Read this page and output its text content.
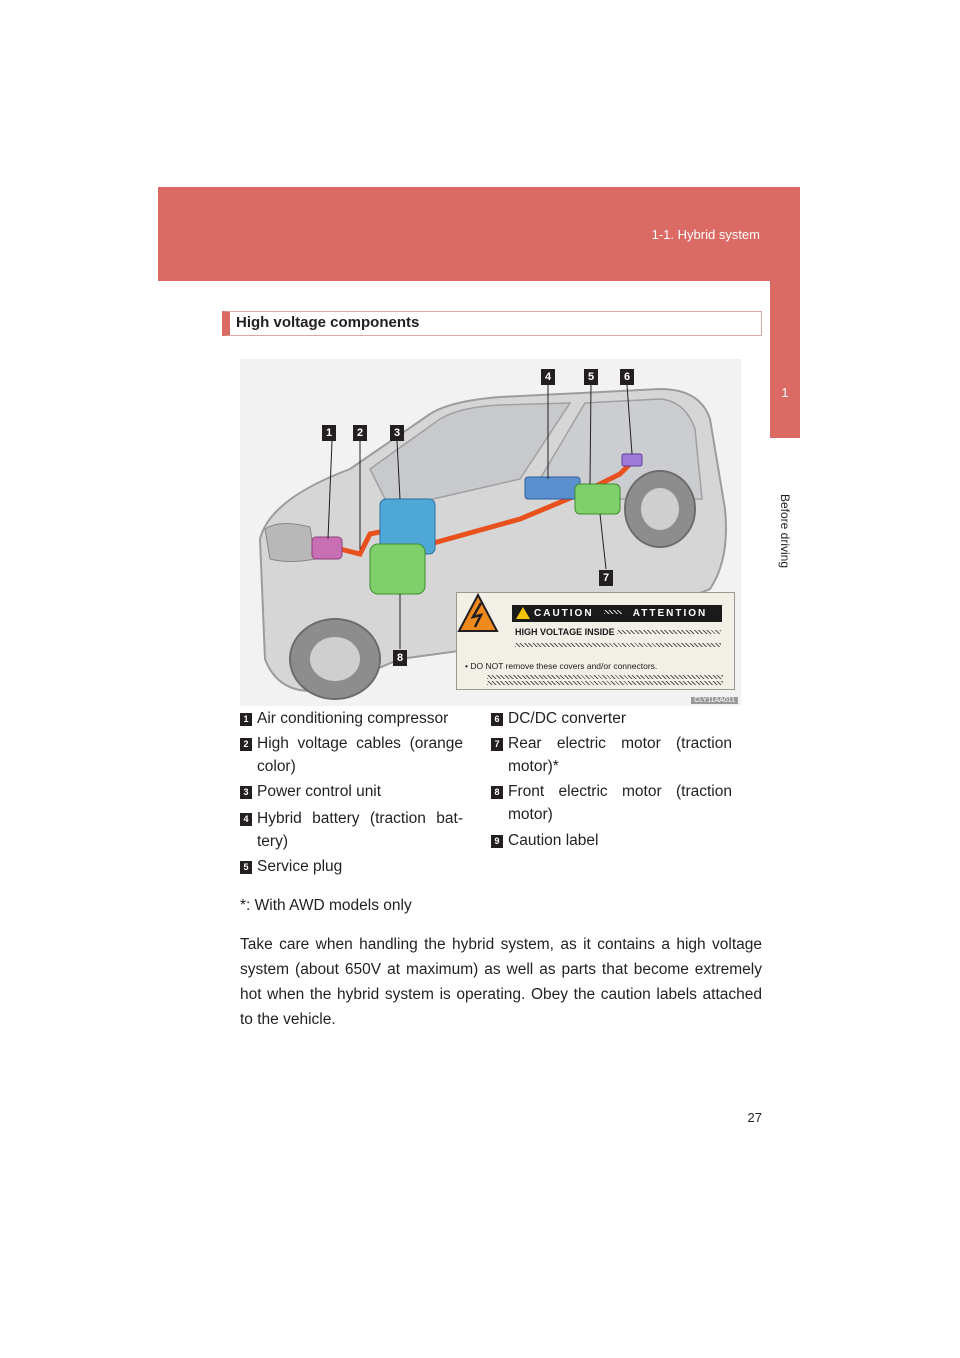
1-1. Hybrid system
1
Before driving
High voltage components
1	2	3
4	5	6
7
8
CAUTION	ATTENTION
HIGH VOLTAGE INSIDE
• DO NOT remove these covers and/or connectors.
CLY11AA011
1 Air conditioning compressor
2 High voltage cables (orange color)
3 Power control unit
4 Hybrid battery (traction bat-tery)
5 Service plug
6 DC/DC converter
7 Rear electric motor (traction motor)*
8 Front electric motor (traction motor)
9 Caution label
*: With AWD models only
Take care when handling the hybrid system, as it contains a high voltage system (about 650V at maximum) as well as parts that become extremely hot when the hybrid system is operating. Obey the caution labels attached to the vehicle.
27
